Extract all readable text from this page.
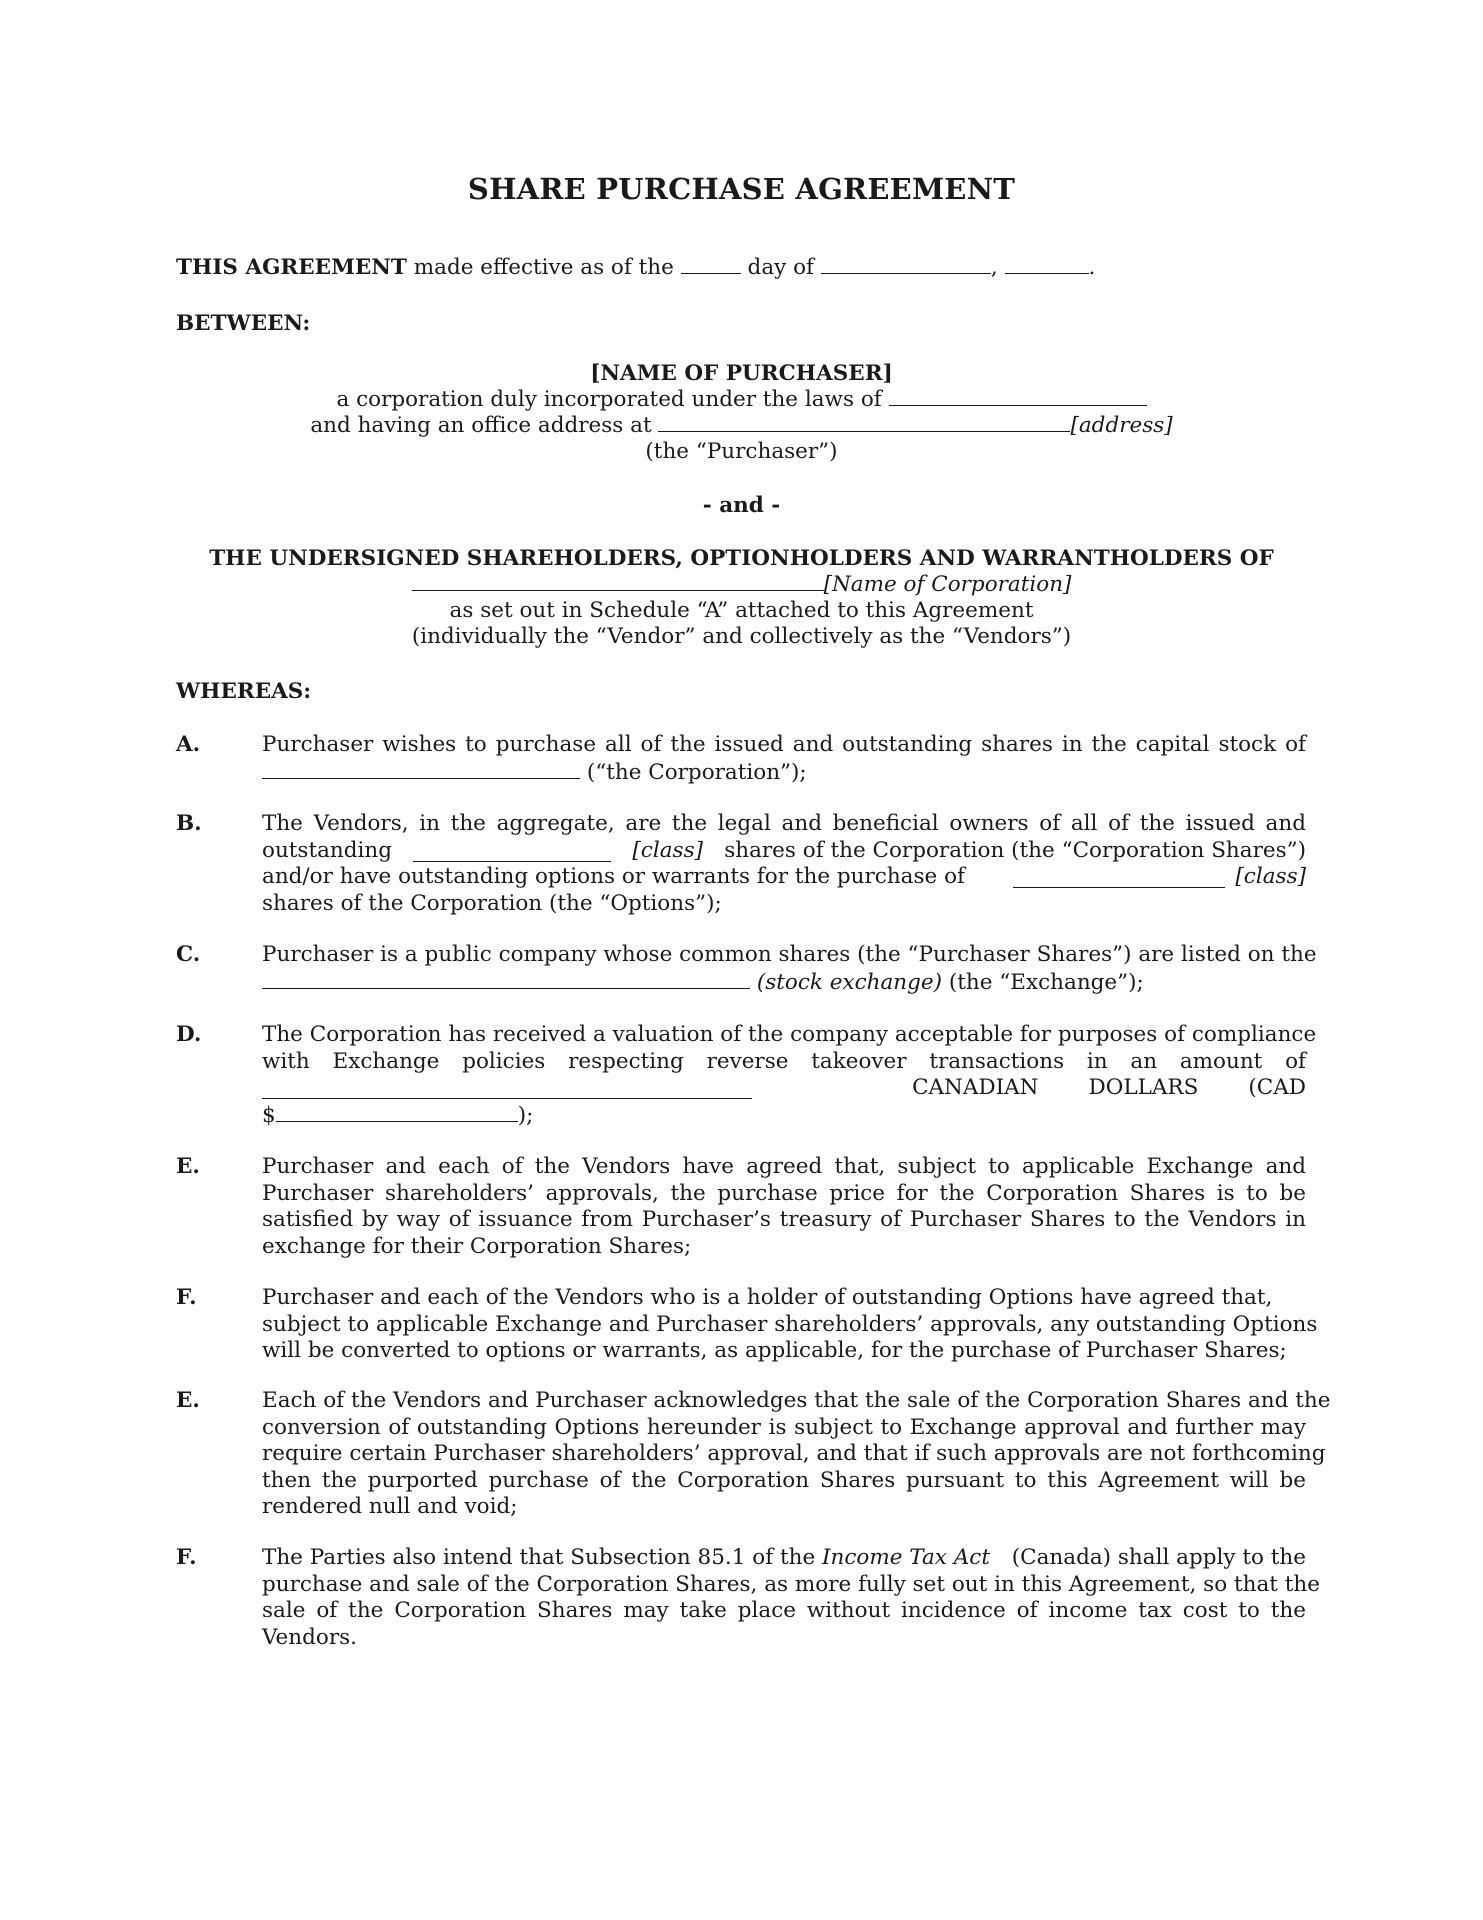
SHARE PURCHASE AGREEMENT
THIS AGREEMENT made effective as of the	day of	,	.
BETWEEN:
[NAME OF PURCHASER]
a corporation duly incorporated under the laws of
and having an office address at	[address]
(the “Purchaser”)
- and -
THE UNDERSIGNED SHAREHOLDERS, OPTIONHOLDERS AND WARRANTHOLDERS OF
[Name of Corporation]
as set out in Schedule “A” attached to this Agreement
(individually the “Vendor” and collectively as the “Vendors”)
WHEREAS:
A.	Purchaser wishes to purchase all of the issued and outstanding shares in the capital stock of
(“the Corporation”);
B.	The Vendors, in the aggregate, are the legal and beneficial owners of all of the issued and
outstanding	[class] shares of the Corporation (the “Corporation Shares”)
and/or have outstanding options or warrants for the purchase of	[class]
shares of the Corporation (the “Options”);
C.	Purchaser is a public company whose common shares (the “Purchaser Shares”) are listed on the
(stock exchange) (the “Exchange”);
D.	The Corporation has received a valuation of the company acceptable for purposes of compliance
with Exchange policies respecting reverse takeover transactions in an amount of
CANADIAN DOLLARS (CAD
$	);
E.	Purchaser and each of the Vendors have agreed that, subject to applicable Exchange and
Purchaser shareholders’ approvals, the purchase price for the Corporation Shares is to be
satisfied by way of issuance from Purchaser’s treasury of Purchaser Shares to the Vendors in
exchange for their Corporation Shares;
F.	Purchaser and each of the Vendors who is a holder of outstanding Options have agreed that,
subject to applicable Exchange and Purchaser shareholders’ approvals, any outstanding Options
will be converted to options or warrants, as applicable, for the purchase of Purchaser Shares;
E.	Each of the Vendors and Purchaser acknowledges that the sale of the Corporation Shares and the
conversion of outstanding Options hereunder is subject to Exchange approval and further may
require certain Purchaser shareholders’ approval, and that if such approvals are not forthcoming
then the purported purchase of the Corporation Shares pursuant to this Agreement will be
rendered null and void;
F.	The Parties also intend that Subsection 85.1 of the Income Tax Act (Canada) shall apply to the
purchase and sale of the Corporation Shares, as more fully set out in this Agreement, so that the
sale of the Corporation Shares may take place without incidence of income tax cost to the
Vendors.
